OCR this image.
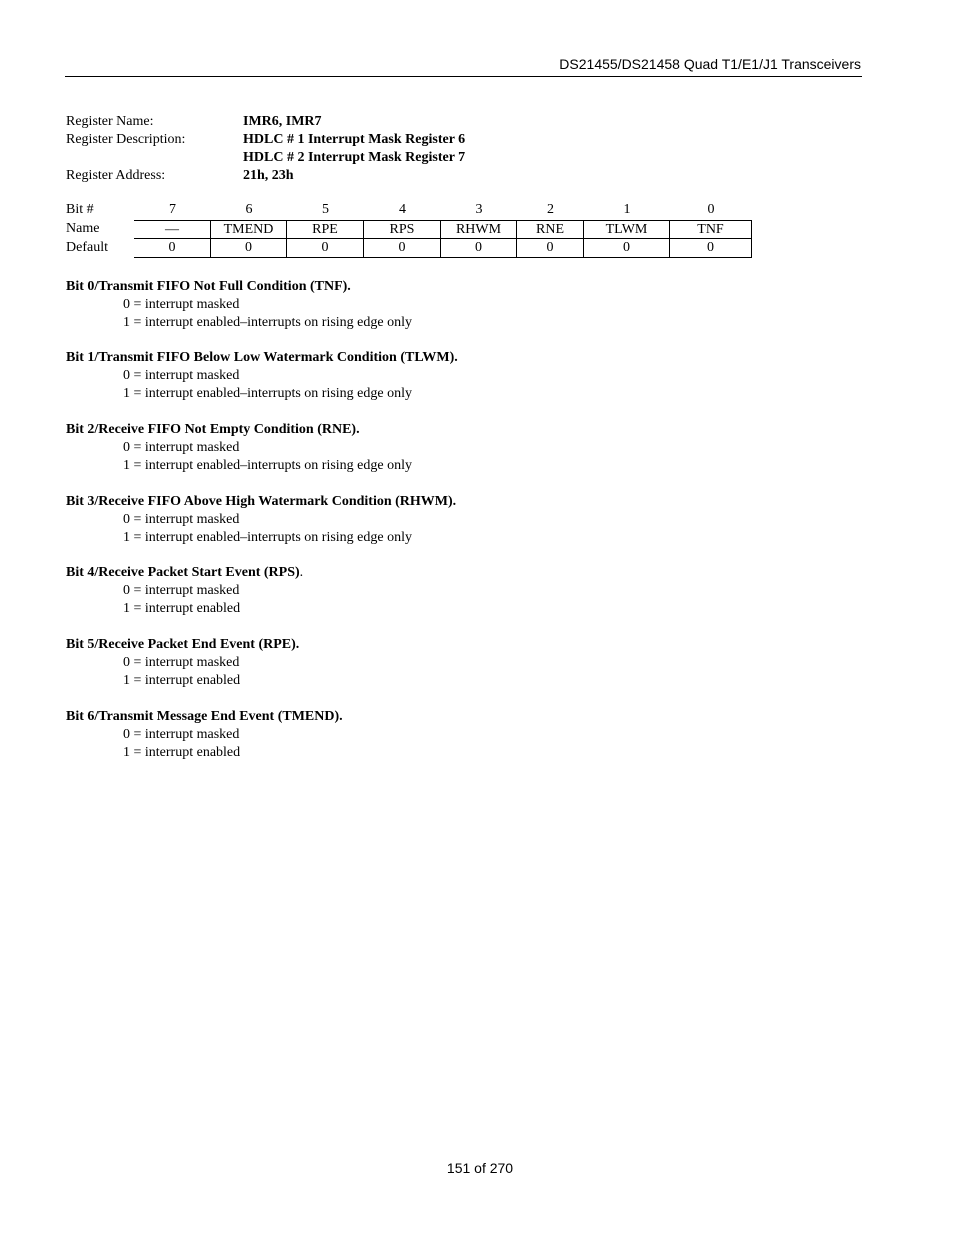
DS21455/DS21458 Quad T1/E1/J1 Transceivers
Register Name:	IMR6, IMR7
Register Description:	HDLC # 1 Interrupt Mask Register 6
HDLC # 2 Interrupt Mask Register 7
Register Address:	21h, 23h
Bit #	7	6	5	4	3	2	1	0
Name	—	TMEND	RPE	RPS	RHWM	RNE	TLWM	TNF
Default	0	0	0	0	0	0	0	0
Bit 0/Transmit FIFO Not Full Condition (TNF).
0 = interrupt masked
1 = interrupt enabled–interrupts on rising edge only
Bit 1/Transmit FIFO Below Low Watermark Condition (TLWM).
0 = interrupt masked
1 = interrupt enabled–interrupts on rising edge only
Bit 2/Receive FIFO Not Empty Condition (RNE).
0 = interrupt masked
1 = interrupt enabled–interrupts on rising edge only
Bit 3/Receive FIFO Above High Watermark Condition (RHWM).
0 = interrupt masked
1 = interrupt enabled–interrupts on rising edge only
Bit 4/Receive Packet Start Event (RPS).
0 = interrupt masked
1 = interrupt enabled
Bit 5/Receive Packet End Event (RPE).
0 = interrupt masked
1 = interrupt enabled
Bit 6/Transmit Message End Event (TMEND).
0 = interrupt masked
1 = interrupt enabled
151 of 270
